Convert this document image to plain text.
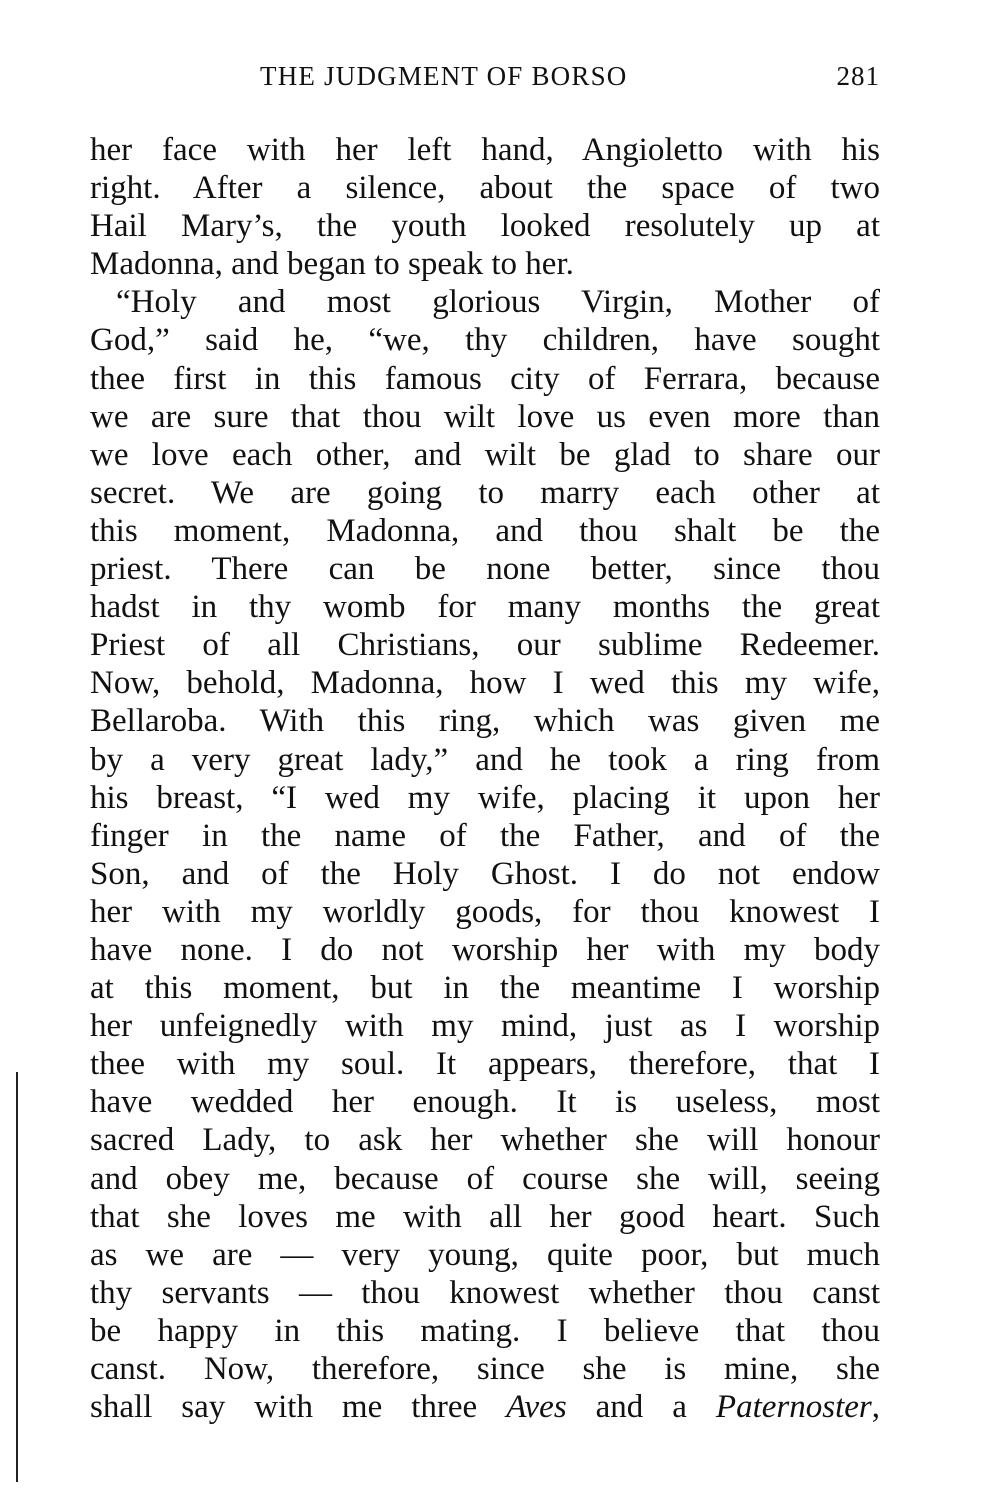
THE JUDGMENT OF BORSO	281
her face with her left hand, Angioletto with his
right. After a silence, about the space of two
Hail Mary’s, the youth looked resolutely up at
Madonna, and began to speak to her.
“Holy and most glorious Virgin, Mother of
God,” said he, “we, thy children, have sought
thee first in this famous city of Ferrara, because
we are sure that thou wilt love us even more than
we love each other, and wilt be glad to share our
secret. We are going to marry each other at
this moment, Madonna, and thou shalt be the
priest. There can be none better, since thou
hadst in thy womb for many months the great
Priest of all Christians, our sublime Redeemer.
Now, behold, Madonna, how I wed this my wife,
Bellaroba. With this ring, which was given me
by a very great lady,” and he took a ring from
his breast, “I wed my wife, placing it upon her
finger in the name of the Father, and of the
Son, and of the Holy Ghost. I do not endow
her with my worldly goods, for thou knowest I
have none. I do not worship her with my body
at this moment, but in the meantime I worship
her unfeignedly with my mind, just as I worship
thee with my soul. It appears, therefore, that I
have wedded her enough. It is useless, most
sacred Lady, to ask her whether she will honour
and obey me, because of course she will, seeing
that she loves me with all her good heart. Such
as we are — very young, quite poor, but much
thy servants — thou knowest whether thou canst
be happy in this mating. I believe that thou
canst. Now, therefore, since she is mine, she
shall say with me three Aves and a Paternoster,
